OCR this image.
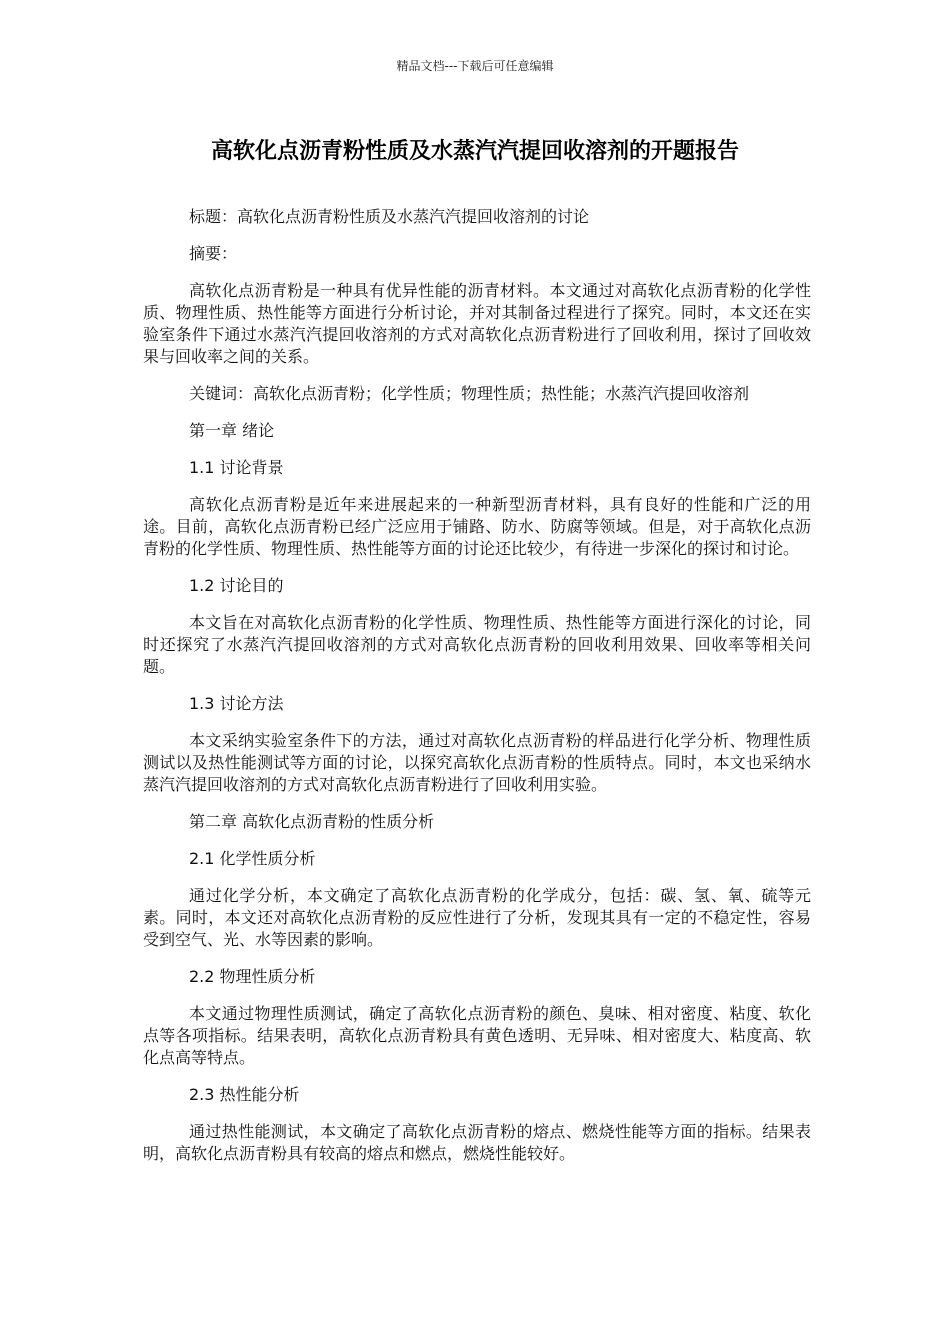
精品文档---下载后可任意编辑
高软化点沥青粉性质及水蒸汽汽提回收溶剂的开题报告

标题：高软化点沥青粉性质及水蒸汽汽提回收溶剂的讨论

摘要：

高软化点沥青粉是一种具有优异性能的沥青材料。本文通过对高软化点沥青粉的化学性质、物理性质、热性能等方面进行分析讨论，并对其制备过程进行了探究。同时，本文还在实验室条件下通过水蒸汽汽提回收溶剂的方式对高软化点沥青粉进行了回收利用，探讨了回收效果与回收率之间的关系。

关键词：高软化点沥青粉；化学性质；物理性质；热性能；水蒸汽汽提回收溶剂

第一章 绪论

1.1 讨论背景

高软化点沥青粉是近年来进展起来的一种新型沥青材料，具有良好的性能和广泛的用途。目前，高软化点沥青粉已经广泛应用于铺路、防水、防腐等领域。但是，对于高软化点沥青粉的化学性质、物理性质、热性能等方面的讨论还比较少，有待进一步深化的探讨和讨论。

1.2 讨论目的

本文旨在对高软化点沥青粉的化学性质、物理性质、热性能等方面进行深化的讨论，同时还探究了水蒸汽汽提回收溶剂的方式对高软化点沥青粉的回收利用效果、回收率等相关问题。

1.3 讨论方法

本文采纳实验室条件下的方法，通过对高软化点沥青粉的样品进行化学分析、物理性质测试以及热性能测试等方面的讨论，以探究高软化点沥青粉的性质特点。同时，本文也采纳水蒸汽汽提回收溶剂的方式对高软化点沥青粉进行了回收利用实验。

第二章 高软化点沥青粉的性质分析

2.1 化学性质分析

通过化学分析，本文确定了高软化点沥青粉的化学成分，包括：碳、氢、氧、硫等元素。同时，本文还对高软化点沥青粉的反应性进行了分析，发现其具有一定的不稳定性，容易受到空气、光、水等因素的影响。

2.2 物理性质分析

本文通过物理性质测试，确定了高软化点沥青粉的颜色、臭味、相对密度、粘度、软化点等各项指标。结果表明，高软化点沥青粉具有黄色透明、无异味、相对密度大、粘度高、软化点高等特点。

2.3 热性能分析

通过热性能测试，本文确定了高软化点沥青粉的熔点、燃烧性能等方面的指标。结果表明，高软化点沥青粉具有较高的熔点和燃点，燃烧性能较好。
